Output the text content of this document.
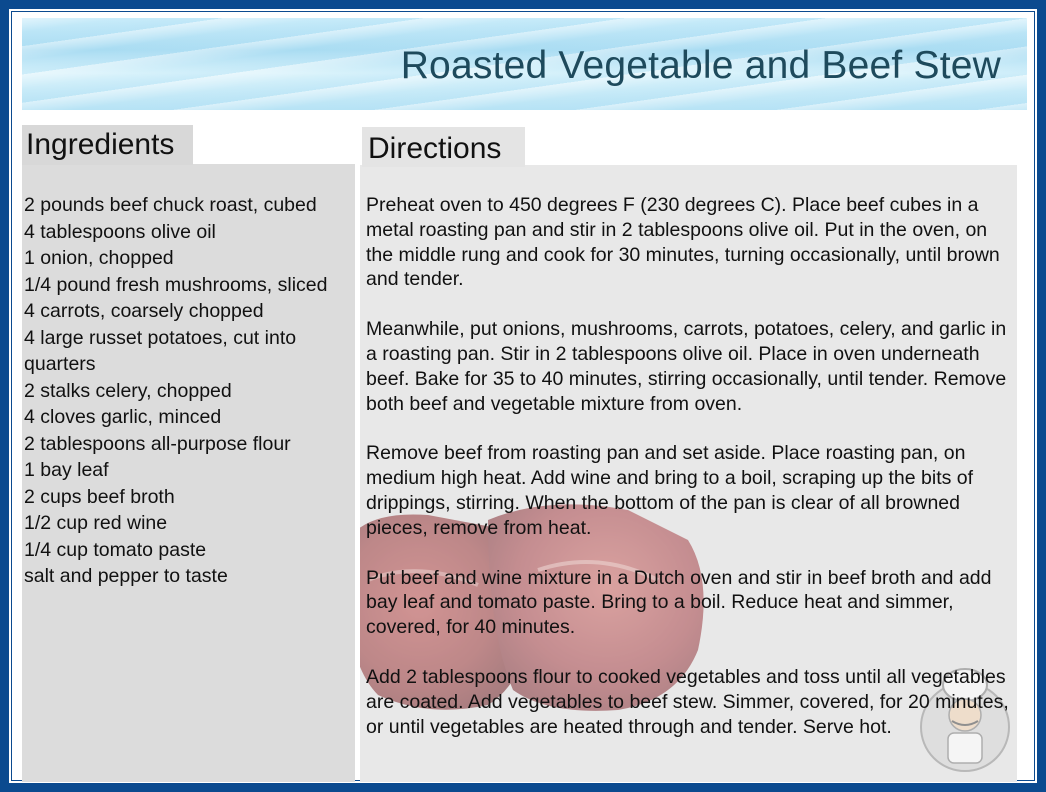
Roasted Vegetable and Beef Stew
Ingredients
2 pounds beef chuck roast, cubed
4 tablespoons olive oil
1 onion, chopped
1/4 pound fresh mushrooms, sliced
4 carrots, coarsely chopped
4 large russet potatoes, cut into quarters
2 stalks celery, chopped
4 cloves garlic, minced
2 tablespoons all-purpose flour
1 bay leaf
2 cups beef broth
1/2 cup red wine
1/4 cup tomato paste
salt and pepper to taste
Directions

Preheat oven to 450 degrees F (230 degrees C). Place beef cubes in a metal roasting pan and stir in 2 tablespoons olive oil. Put in the oven, on the middle rung and cook for 30 minutes, turning occasionally, until brown and tender.

Meanwhile, put onions, mushrooms, carrots, potatoes, celery, and garlic in a roasting pan. Stir in 2 tablespoons olive oil. Place in oven underneath beef. Bake for 35 to 40 minutes, stirring occasionally, until tender. Remove both beef and vegetable mixture from oven.

Remove beef from roasting pan and set aside. Place roasting pan, on medium high heat. Add wine and bring to a boil, scraping up the bits of drippings, stirring. When the bottom of the pan is clear of all browned pieces, remove from heat.

Put beef and wine mixture in a Dutch oven and stir in beef broth and add bay leaf and tomato paste. Bring to a boil. Reduce heat and simmer, covered, for 40 minutes.

Add 2 tablespoons flour to cooked vegetables and toss until all vegetables are coated. Add vegetables to beef stew. Simmer, covered, for 20 minutes, or until vegetables are heated through and tender. Serve hot.
